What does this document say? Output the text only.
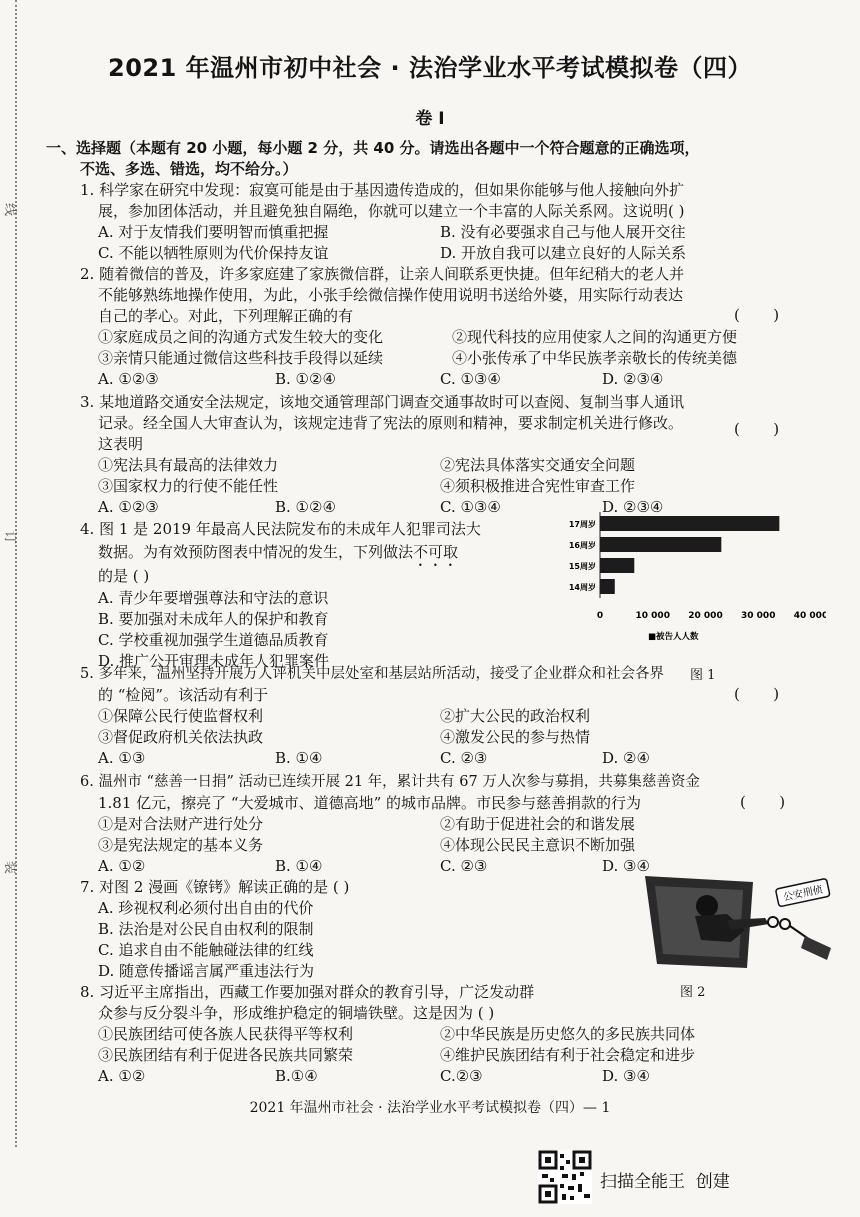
线
订
装
2021 年温州市初中社会 · 法治学业水平考试模拟卷（四）
卷 Ⅰ
一、选择题（本题有 20 小题，每小题 2 分，共 40 分。请选出各题中一个符合题意的正确选项，
不选、多选、错选，均不给分。）
1. 科学家在研究中发现：寂寞可能是由于基因遗传造成的，但如果你能够与他人接触向外扩
展，参加团体活动，并且避免独自隔绝，你就可以建立一个丰富的人际关系网。这说明( )
A. 对于友情我们要明智而慎重把握	B. 没有必要强求自己与他人展开交往
C. 不能以牺牲原则为代价保持友谊	D. 开放自我可以建立良好的人际关系
2. 随着微信的普及，许多家庭建了家族微信群，让亲人间联系更快捷。但年纪稍大的老人并
不能够熟练地操作使用，为此，小张手绘微信操作使用说明书送给外婆，用实际行动表达
自己的孝心。对此，下列理解正确的有	(       )
①家庭成员之间的沟通方式发生较大的变化	②现代科技的应用使家人之间的沟通更方便
③亲情只能通过微信这些科技手段得以延续	④小张传承了中华民族孝亲敬长的传统美德
A. ①②③	B. ①②④	C. ①③④	D. ②③④
3. 某地道路交通安全法规定，该地交通管理部门调查交通事故时可以查阅、复制当事人通讯
记录。经全国人大审查认为，该规定违背了宪法的原则和精神，要求制定机关进行修改。
这表明
(       )
①宪法具有最高的法律效力	②宪法具体落实交通安全问题
③国家权力的行使不能任性	④须积极推进合宪性审查工作
A. ①②③	B. ①②④	C. ①③④	D. ②③④
4. 图 1 是 2019 年最高人民法院发布的未成年人犯罪司法大
数据。为有效预防图表中情况的发生，下列做法不可取
的是 ( )
A. 青少年要增强尊法和守法的意识
B. 要加强对未成年人的保护和教育
C. 学校重视加强学生道德品质教育
D. 推广公开审理未成年人犯罪案件
17周岁
16周岁
15周岁
14周岁
0	10 000 20 000 30 000 40 000
■被告人人数
图 1
5. 多年来，温州坚持开展万人评机关中层处室和基层站所活动，接受了企业群众和社会各界
的 “检阅”。该活动有利于	(       )
①保障公民行使监督权利	②扩大公民的政治权利
③督促政府机关依法执政	④激发公民的参与热情
A. ①③	B. ①④	C. ②③	D. ②④
6. 温州市 “慈善一日捐” 活动已连续开展 21 年，累计共有 67 万人次参与募捐，共募集慈善资金
1.81 亿元，擦亮了 “大爱城市、道德高地” 的城市品牌。市民参与慈善捐款的行为	(       )
①是对合法财产进行处分	②有助于促进社会的和谐发展
③是宪法规定的基本义务	④体现公民民主意识不断加强
A. ①②	B. ①④	C. ②③	D. ③④
7. 对图 2 漫画《镣铐》解读正确的是 ( )
A. 珍视权利必须付出自由的代价
B. 法治是对公民自由权利的限制
C. 追求自由不能触碰法律的红线
D. 随意传播谣言属严重违法行为
公安刑侦
图 2
8. 习近平主席指出，西藏工作要加强对群众的教育引导，广泛发动群
众参与反分裂斗争，形成维护稳定的铜墙铁壁。这是因为 ( )
①民族团结可使各族人民获得平等权利	②中华民族是历史悠久的多民族共同体
③民族团结有利于促进各民族共同繁荣	④维护民族团结有利于社会稳定和进步
A. ①②	B.①④	C.②③	D. ③④
2021 年温州市社会 · 法治学业水平考试模拟卷（四）— 1
扫描全能王  创建
